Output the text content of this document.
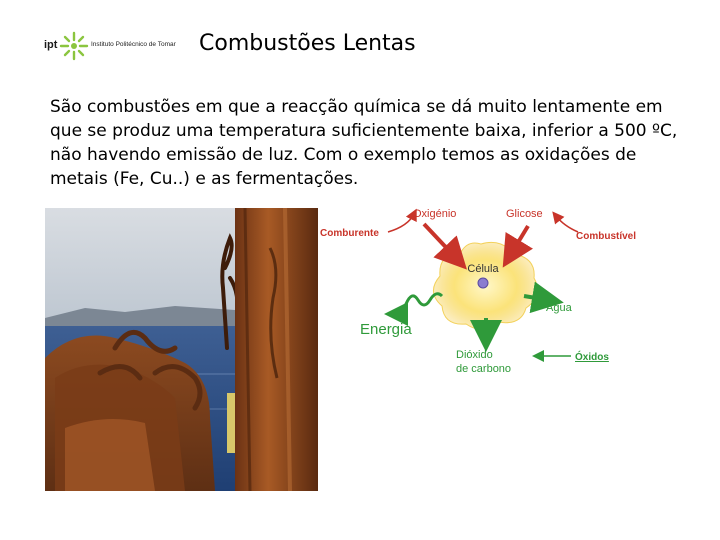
ipt	Instituto Politécnico de Tomar Combustões Lentas
São combustões em que a reacção química se dá muito lentamente em
que se produz uma temperatura suficientemente baixa, inferior a 500 ºC,
não havendo emissão de luz. Com o exemplo temos as oxidações de
metais (Fe, Cu..) e as fermentações.
Célula
Oxigénio	Glicose
Comburente	Combustível
Água
Energia
Dióxido
de carbono
Óxidos
